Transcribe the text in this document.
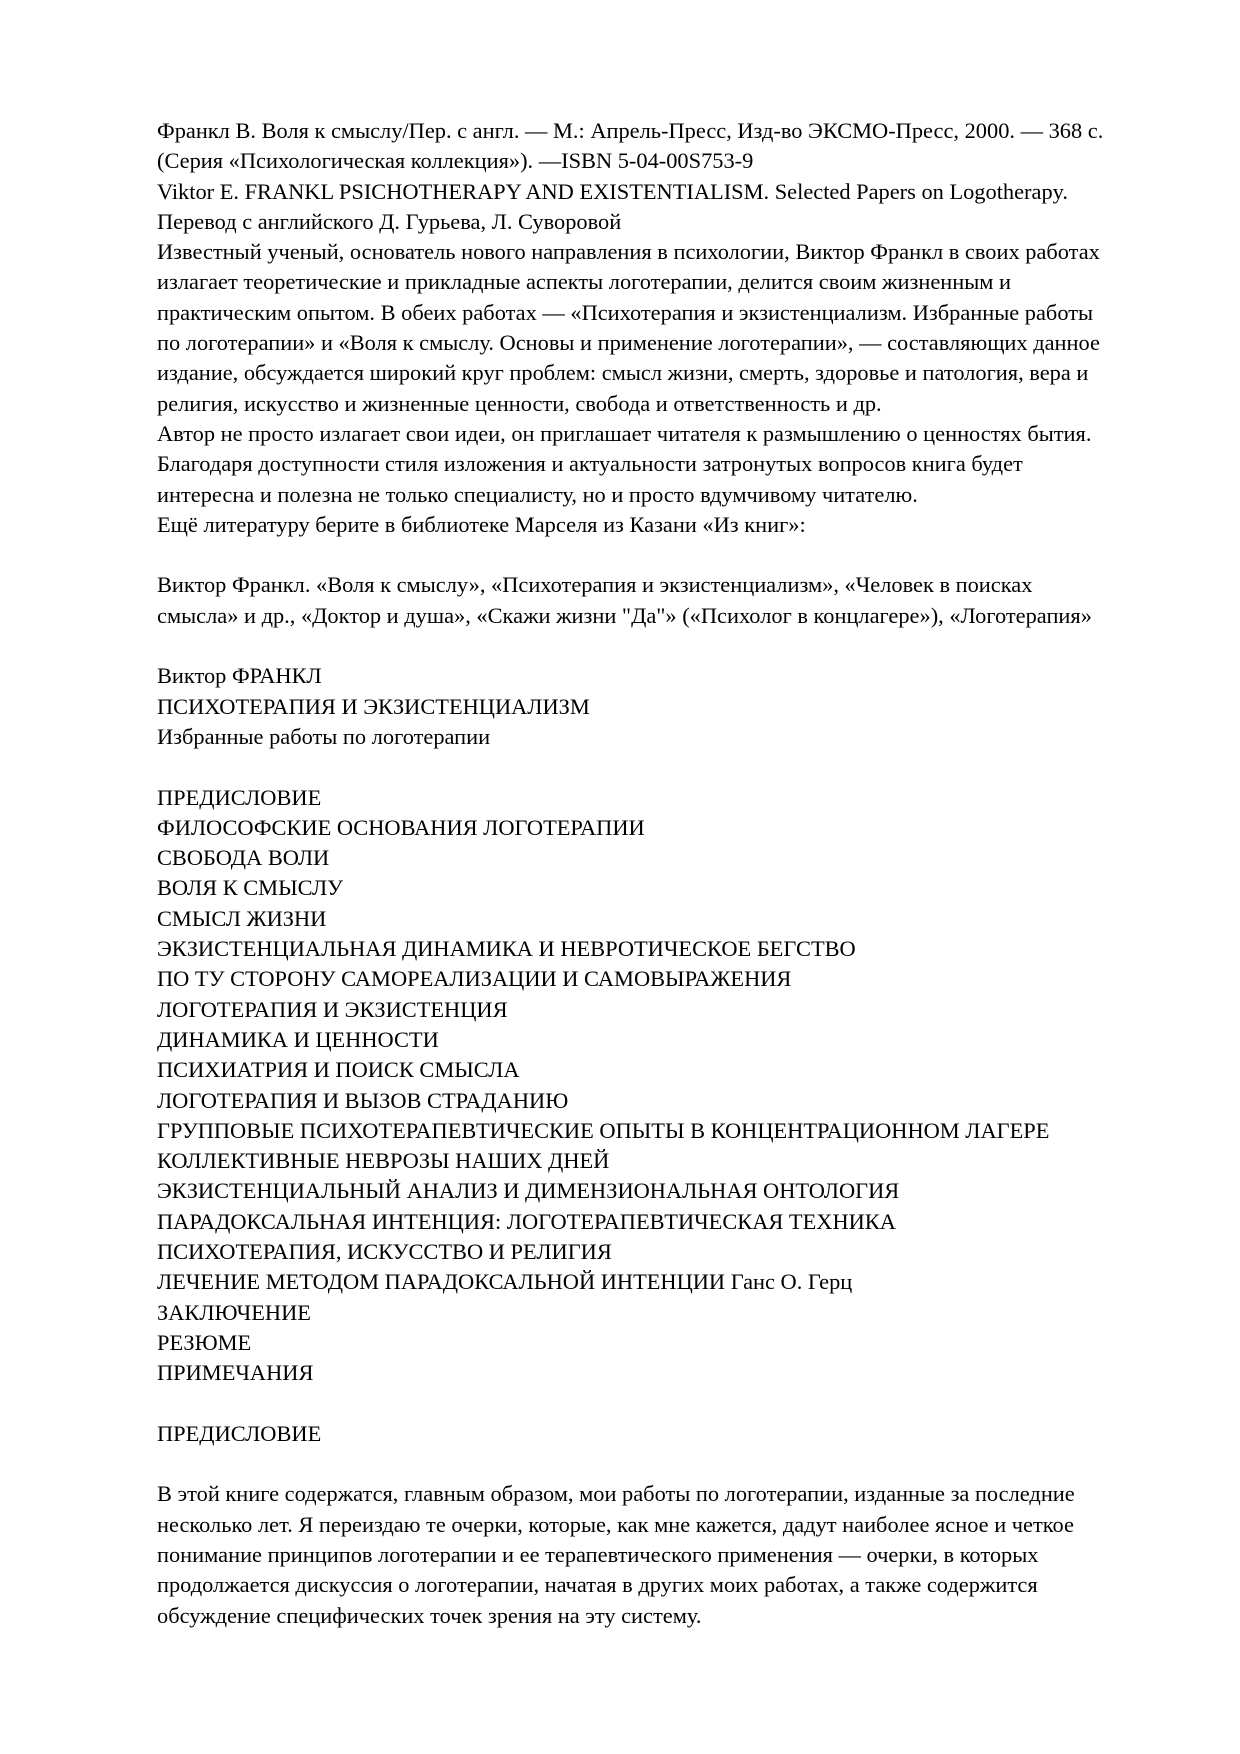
Франкл В. Воля к смыслу/Пер. с англ. — М.: Апрель-Пресс, Изд-во ЭКСМО-Пресс, 2000. — 368 с.
(Серия «Психологическая коллекция»). —ISBN 5-04-00S753-9
Viktor E. FRANKL PSICHOTHERAPY AND EXISTENTIALISM. Selected Papers on Logotherapy.
Перевод с английского Д. Гурьева, Л. Суворовой
Известный ученый, основатель нового направления в психологии, Виктор Франкл в своих работах
излагает теоретические и прикладные аспекты логотерапии, делится своим жизненным и
практическим опытом. В обеих работах — «Психотерапия и экзистенциализм. Избранные работы
по логотерапии» и «Воля к смыслу. Основы и применение логотерапии», — составляющих данное
издание, обсуждается широкий круг проблем: смысл жизни, смерть, здоровье и патология, вера и
религия, искусство и жизненные ценности, свобода и ответственность и др.
Автор не просто излагает свои идеи, он приглашает читателя к размышлению о ценностях бытия.
Благодаря доступности стиля изложения и актуальности затронутых вопросов книга будет
интересна и полезна не только специалисту, но и просто вдумчивому читателю.
Ещё литературу берите в библиотеке Марселя из Казани «Из книг»:
Виктор Франкл. «Воля к смыслу», «Психотерапия и экзистенциализм», «Человек в поисках
смысла» и др., «Доктор и душа», «Скажи жизни "Да"» («Психолог в концлагере»), «Логотерапия»
Виктор ФРАНКЛ
ПСИХОТЕРАПИЯ И ЭКЗИСТЕНЦИАЛИЗМ
Избранные работы по логотерапии
ПРЕДИСЛОВИЕ
ФИЛОСОФСКИЕ ОСНОВАНИЯ ЛОГОТЕРАПИИ
СВОБОДА ВОЛИ
ВОЛЯ К СМЫСЛУ
СМЫСЛ ЖИЗНИ
ЭКЗИСТЕНЦИАЛЬНАЯ ДИНАМИКА И НЕВРОТИЧЕСКОЕ БЕГСТВО
ПО ТУ СТОРОНУ САМОРЕАЛИЗАЦИИ И САМОВЫРАЖЕНИЯ
ЛОГОТЕРАПИЯ И ЭКЗИСТЕНЦИЯ
ДИНАМИКА И ЦЕННОСТИ
ПСИХИАТРИЯ И ПОИСК СМЫСЛА
ЛОГОТЕРАПИЯ И ВЫЗОВ СТРАДАНИЮ
ГРУППОВЫЕ ПСИХОТЕРАПЕВТИЧЕСКИЕ ОПЫТЫ В КОНЦЕНТРАЦИОННОМ ЛАГЕРЕ
КОЛЛЕКТИВНЫЕ НЕВРОЗЫ НАШИХ ДНЕЙ
ЭКЗИСТЕНЦИАЛЬНЫЙ АНАЛИЗ И ДИМЕНЗИОНАЛЬНАЯ ОНТОЛОГИЯ
ПАРАДОКСАЛЬНАЯ ИНТЕНЦИЯ: ЛОГОТЕРАПЕВТИЧЕСКАЯ ТЕХНИКА
ПСИХОТЕРАПИЯ, ИСКУССТВО И РЕЛИГИЯ
ЛЕЧЕНИЕ МЕТОДОМ ПАРАДОКСАЛЬНОЙ ИНТЕНЦИИ Ганс О. Герц
ЗАКЛЮЧЕНИЕ
РЕЗЮМЕ
ПРИМЕЧАНИЯ
ПРЕДИСЛОВИЕ
В этой книге содержатся, главным образом, мои работы по логотерапии, изданные за последние
несколько лет. Я переиздаю те очерки, которые, как мне кажется, дадут наиболее ясное и четкое
понимание принципов логотерапии и ее терапевтического применения — очерки, в которых
продолжается дискуссия о логотерапии, начатая в других моих работах, а также содержится
обсуждение специфических точек зрения на эту систему.
